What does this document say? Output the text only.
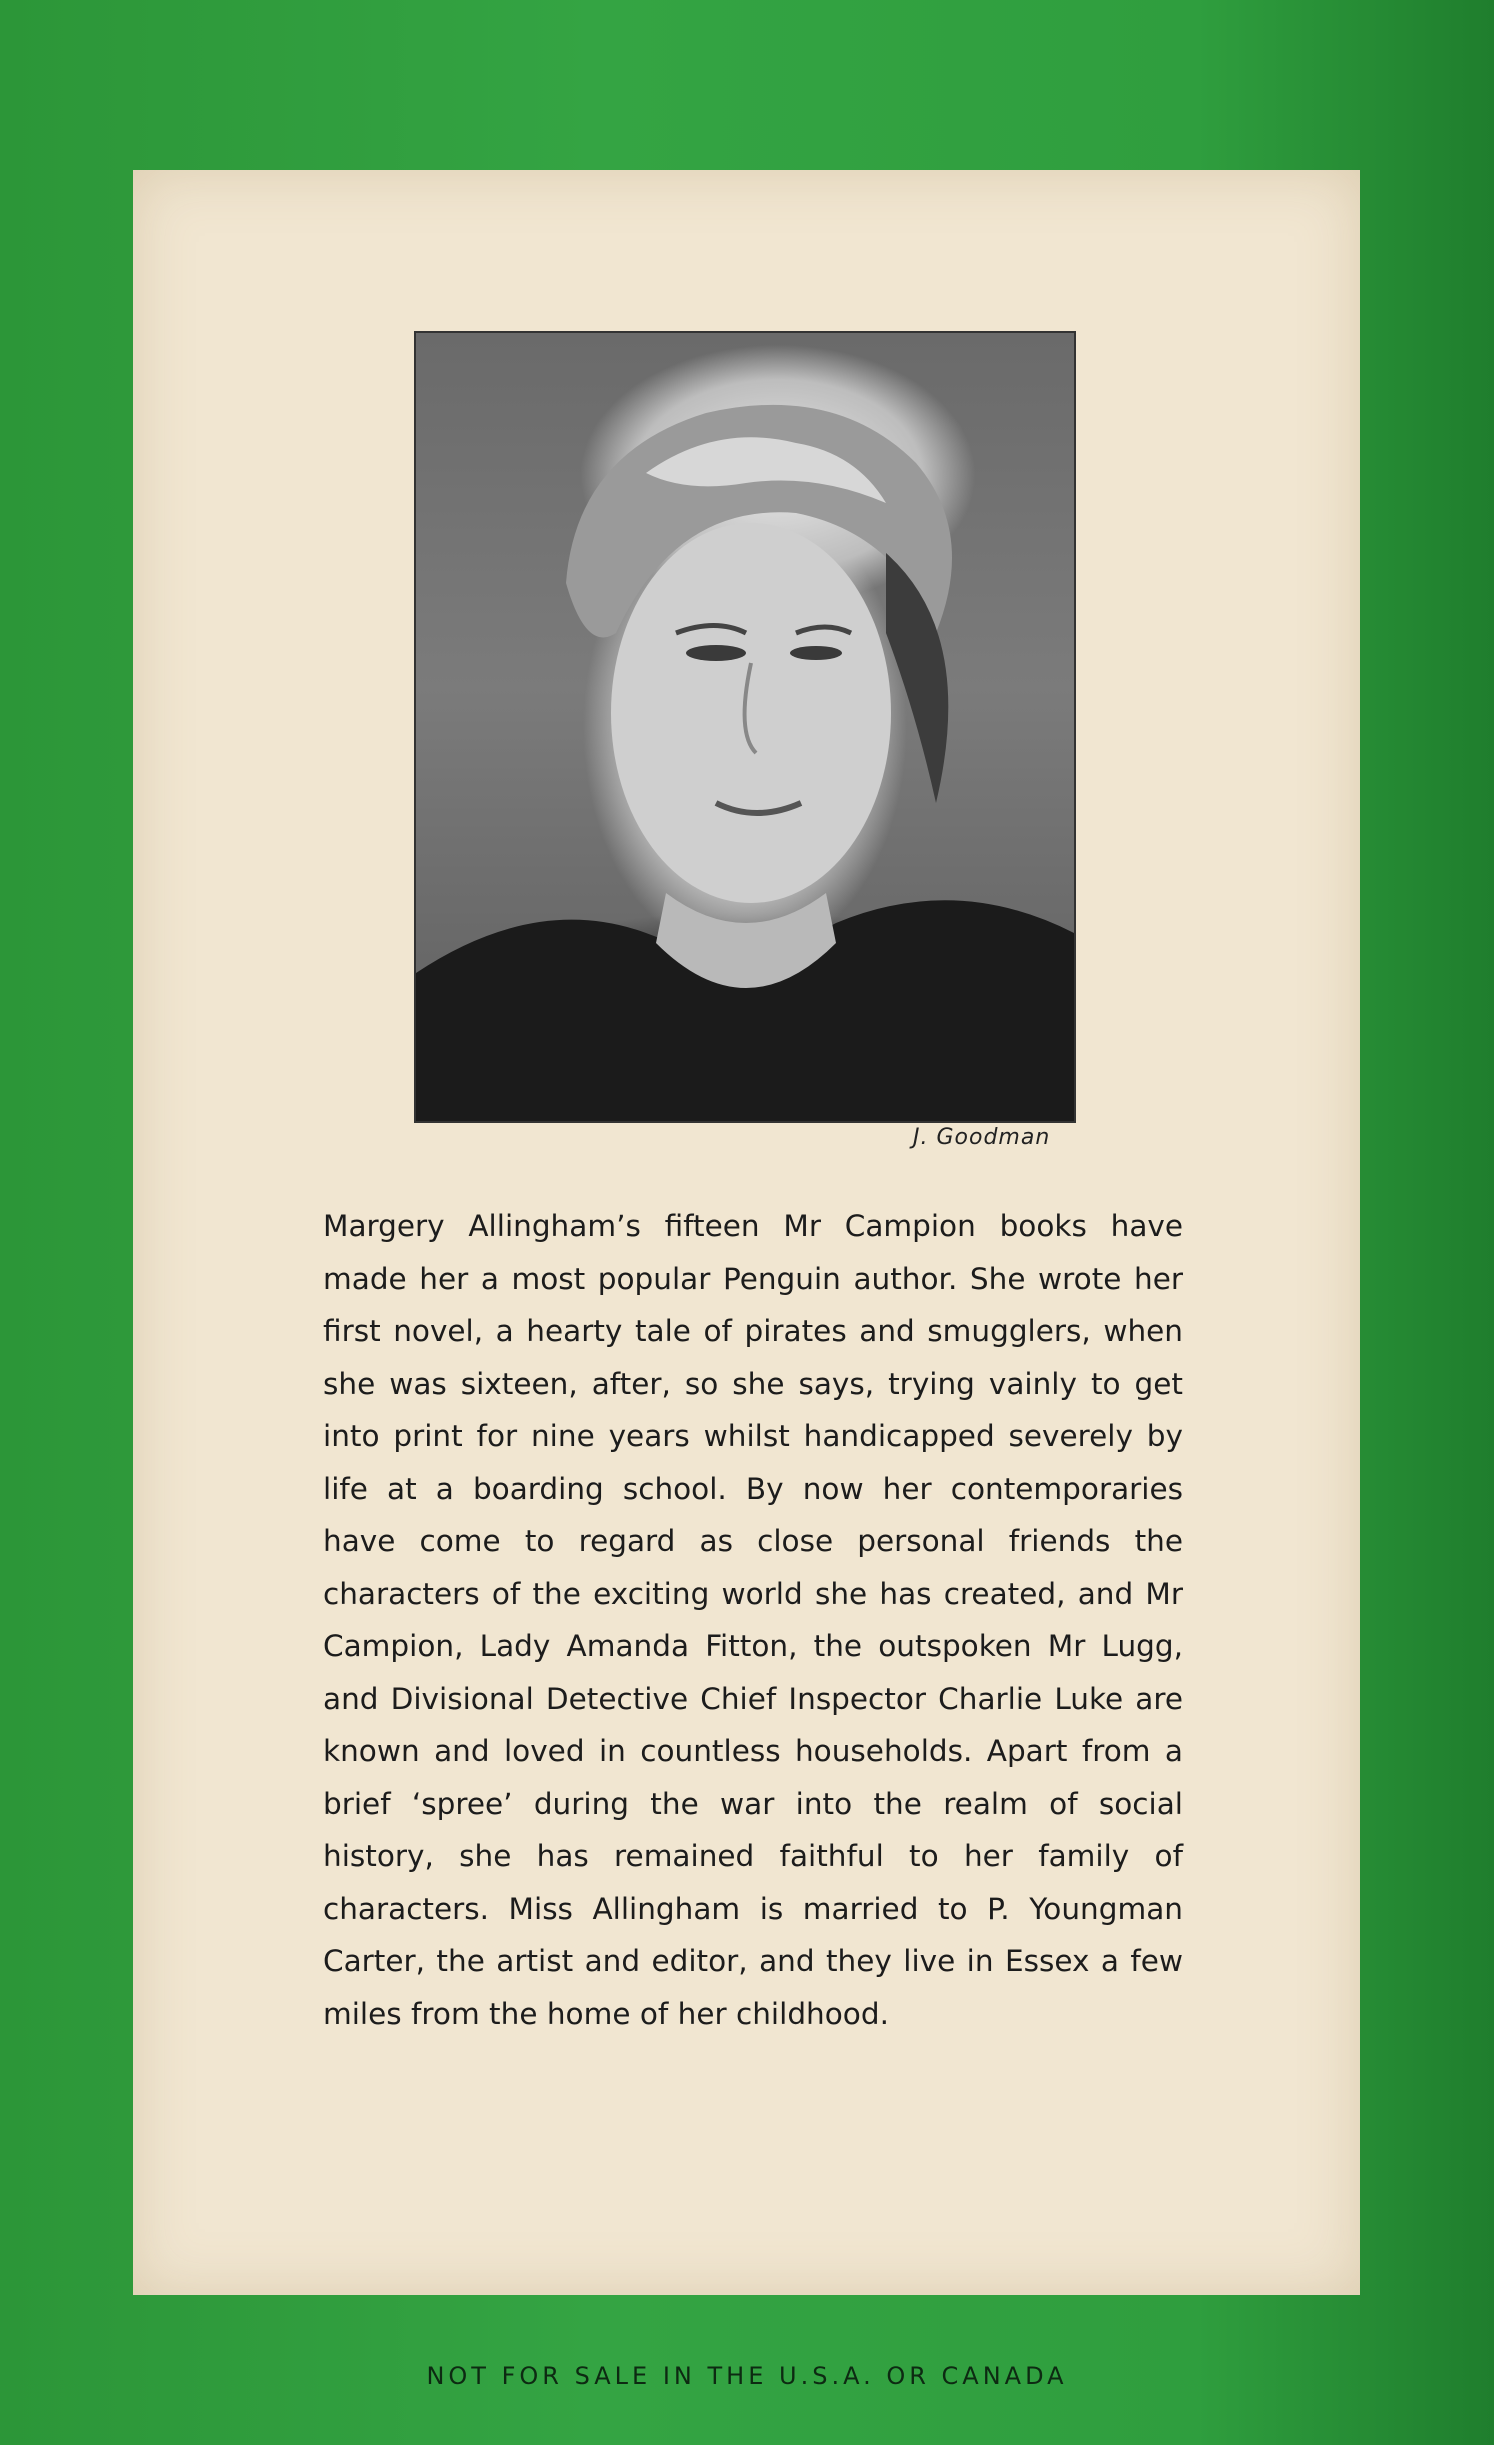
J. Goodman
Margery Allingham’s fifteen Mr Campion books have made her a most popular Penguin author. She wrote her first novel, a hearty tale of pirates and smugglers, when she was sixteen, after, so she says, trying vainly to get into print for nine years whilst handicapped severely by life at a boarding school. By now her contemporaries have come to regard as close personal friends the characters of the exciting world she has created, and Mr Campion, Lady Amanda Fitton, the outspoken Mr Lugg, and Divisional Detective Chief Inspector Charlie Luke are known and loved in countless households. Apart from a brief ‘spree’ during the war into the realm of social history, she has remained faithful to her family of characters. Miss Allingham is married to P. Youngman Carter, the artist and editor, and they live in Essex a few miles from the home of her childhood.
NOT FOR SALE IN THE U.S.A. OR CANADA
